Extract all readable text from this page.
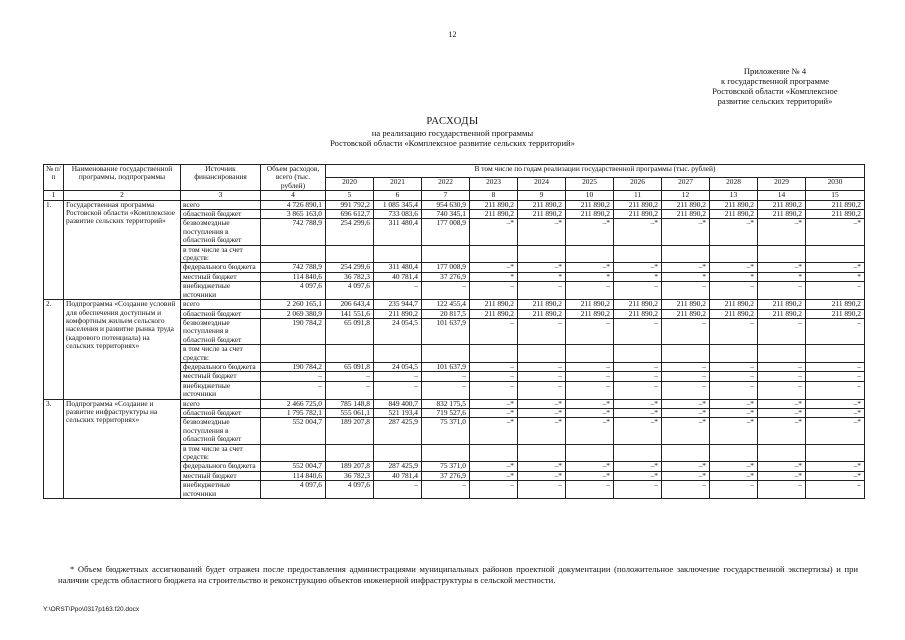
12
Приложение № 4
к государственной программе
Ростовской области «Комплексное
развитие сельских территорий»
РАСХОДЫ
на реализацию государственной программы
Ростовской области «Комплексное развитие сельских территорий»
№ п/п	Наименование государственной программы, подпрограммы	Источник финансирования	Объем расходов, всего (тыс. рублей)	В том числе по годам реализации государственной программы (тыс. рублей)										
				2020	2021	2022	2023	2024	2025	2026	2027	2028	2029	2030
1	2	3	4	5	6	7	8	9	10	11	12	13	14	15
1.	Государственная программа Ростовской области «Комплексное развитие сельских территорий»	всего	4 726 890,1	991 792,2	1 085 345,4	954 630,9	211 890,2	211 890,2	211 890,2	211 890,2	211 890,2	211 890,2	211 890,2	211 890,2
		областной бюджет	3 865 163,0	696 612,7	733 083,6	740 345,1	211 890,2	211 890,2	211 890,2	211 890,2	211 890,2	211 890,2	211 890,2	211 890,2
		безвозмездные поступления в областной бюджет	742 788,9	254 299,6	311 480,4	177 008,9	–*	–*	–*	–*	–*	–*	–*	–*
		в том числе за счет средств:												
		федерального бюджета	742 788,9	254 299,6	311 480,4	177 008,9	–*	–*	–*	–*	–*	–*	–*	–*
		местный бюджет	114 840,6	36 782,3	40 781,4	37 276,9	*	*	*	*	*	*	*	*
		внебюджетные источники	4 097,6	4 097,6	–	–	–	–	–	–	–	–	–	–
2.	Подпрограмма «Создание условий для обеспечения доступным и комфортным жильем сельского населения и развитие рынка труда (кадрового потенциала) на сельских территориях»	всего	2 260 165,1	206 643,4	235 944,7	122 455,4	211 890,2	211 890,2	211 890,2	211 890,2	211 890,2	211 890,2	211 890,2	211 890,2
		областной бюджет	2 069 380,9	141 551,6	211 890,2	20 817,5	211 890,2	211 890,2	211 890,2	211 890,2	211 890,2	211 890,2	211 890,2	211 890,2
		безвозмездные поступления в областной бюджет	190 784,2	65 091,8	24 054,5	101 637,9	–	–	–	–	–	–	–	–
		в том числе за счет средств:												
		федерального бюджета	190 784,2	65 091,8	24 054,5	101 637,9	–	–	–	–	–	–	–	–
		местный бюджет	–	–	–	–	–	–	–	–	–	–	–	–
		внебюджетные источники	–	–	–	–	–	–	–	–	–	–	–	–
3.	Подпрограмма «Создание и развитие инфраструктуры на сельских территориях»	всего	2 466 725,0	785 148,8	849 400,7	832 175,5	–*	–*	–*	–*	–*	–*	–*	–*
		областной бюджет	1 795 782,1	555 061,1	521 193,4	719 527,6	–*	–*	–*	–*	–*	–*	–*	–*
		безвозмездные поступления в областной бюджет	552 004,7	189 207,8	287 425,9	75 371,0	–*	–*	–*	–*	–*	–*	–*	–*
		в том числе за счет средств:												
		федерального бюджета	552 004,7	189 207,8	287 425,9	75 371,0	–*	–*	–*	–*	–*	–*	–*	–*
		местный бюджет	114 840,6	36 782,3	40 781,4	37 276,9	–*	–*	–*	–*	–*	–*	–*	–*
		внебюджетные источники	4 097,6	4 097,6	–	–	–	–	–	–	–	–	–	–
* Объем бюджетных ассигнований будет отражен после предоставления администрациями муниципальных районов проектной документации (положительное заключение государственной экспертизы) и при наличии средств областного бюджета на строительство и реконструкцию объектов инженерной инфраструктуры в сельской местности.
Y:\ORST\Ppo\0317p163.f20.docx
